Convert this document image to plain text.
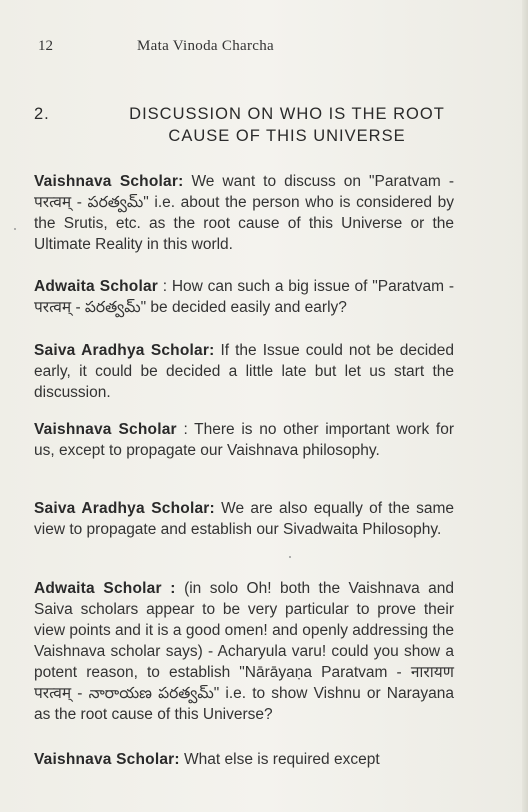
12	Mata Vinoda Charcha
2.	DISCUSSION ON WHO IS THE ROOT CAUSE OF THIS UNIVERSE

Vaishnava Scholar: We want to discuss on "Paratvam - परत्वम् - పరత్వమ్" i.e. about the person who is considered by the Srutis, etc. as the root cause of this Universe or the Ultimate Reality in this world.

Adwaita Scholar : How can such a big issue of "Paratvam - परत्वम् - పరత్వమ్" be decided easily and early?

Saiva Aradhya Scholar: If the Issue could not be decided early, it could be decided a little late but let us start the discussion.

Vaishnava Scholar : There is no other important work for us, except to propagate our Vaishnava philosophy.

Saiva Aradhya Scholar: We are also equally of the same view to propagate and establish our Sivadwaita Philosophy.

Adwaita Scholar : (in solo Oh! both the Vaishnava and Saiva scholars appear to be very particular to prove their view points and it is a good omen! and openly addressing the Vaishnava scholar says) - Acharyula varu! could you show a potent reason, to establish "Nārāyaṇa Paratvam - नारायण परत्वम् - నారాయణ పరత్వమ్" i.e. to show Vishnu or Narayana as the root cause of this Universe?

Vaishnava Scholar: What else is required except
